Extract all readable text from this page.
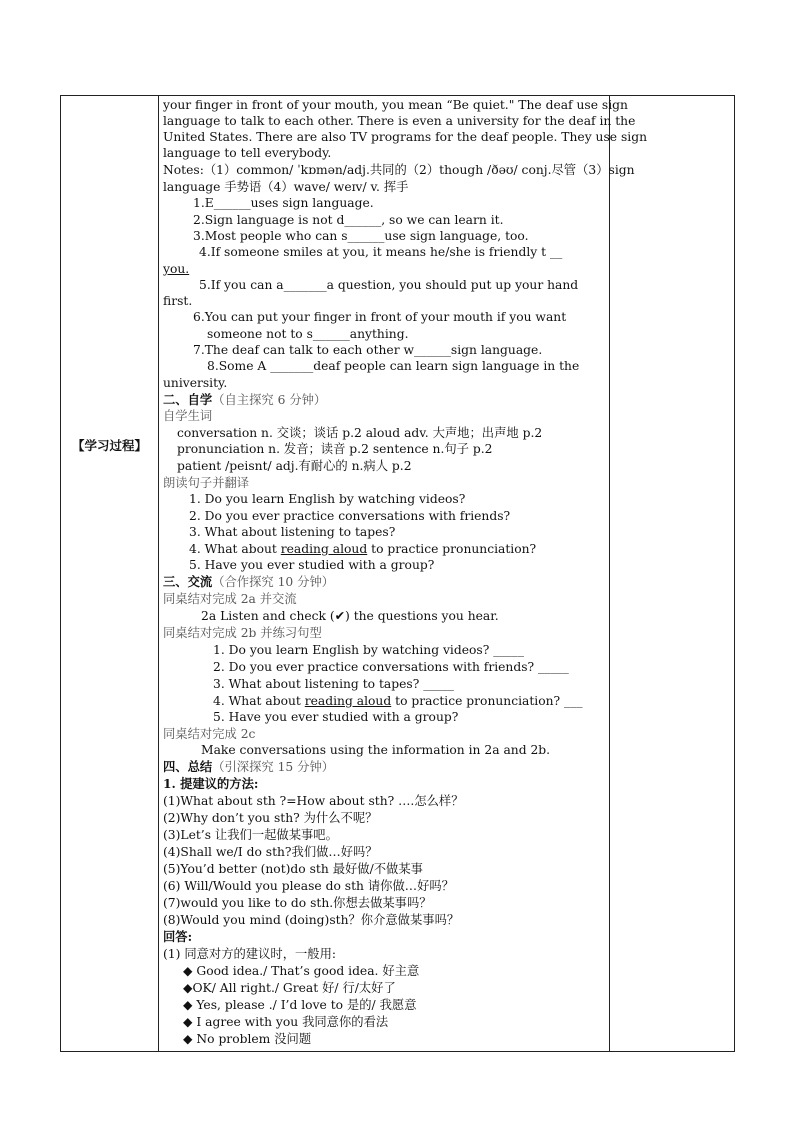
【学习过程】
your finger in front of your mouth, you mean “Be quiet." The deaf use sign
language to talk to each other. There is even a university for the deaf in the
United States. There are also TV programs for the deaf people. They use sign
language to tell everybody.
Notes:（1）common/ ˈkɒmən/adj.共同的（2）though /ðəʊ/ conj.尽管（3）sign
language 手势语（4）wave/ weɪv/ v. 挥手
1.E______uses sign language.
2.Sign language is not d______, so we can learn it.
3.Most people who can s______use sign language, too.
4.If someone smiles at you, it means he/she is friendly t __
you.
5.If you can a_______a question, you should put up your hand
first.
6.You can put your finger in front of your mouth if you want
someone not to s______anything.
7.The deaf can talk to each other w______sign language.
8.Some A _______deaf people can learn sign language in the
university.
二、自学（自主探究 6 分钟）
自学生词
conversation n. 交谈；谈话 p.2 aloud adv. 大声地；出声地 p.2
pronunciation n. 发音；读音 p.2 sentence n.句子 p.2
patient /peisnt/ adj.有耐心的 n.病人 p.2
朗读句子并翻译
1. Do you learn English by watching videos?
2. Do you ever practice conversations with friends?
3. What about listening to tapes?
4. What about reading aloud to practice pronunciation?
5. Have you ever studied with a group?
三、交流（合作探究 10 分钟）
同桌结对完成 2a 并交流
2a Listen and check (✔) the questions you hear.
同桌结对完成 2b 并练习句型
1. Do you learn English by watching videos? _____
2. Do you ever practice conversations with friends? _____
3. What about listening to tapes? _____
4. What about reading aloud to practice pronunciation? ___
5. Have you ever studied with a group?
同桌结对完成 2c
Make conversations using the information in 2a and 2b.
四、总结（引深探究 15 分钟）
1. 提建议的方法:
(1)What about sth ?=How about sth? ….怎么样？
(2)Why don’t you sth? 为什么不呢？
(3)Let’s 让我们一起做某事吧。
(4)Shall we/I do sth?我们做…好吗？
(5)You’d better (not)do sth 最好做/不做某事
(6) Will/Would you please do sth 请你做…好吗？
(7)would you like to do sth.你想去做某事吗？
(8)Would you mind (doing)sth？你介意做某事吗？
回答:
(1) 同意对方的建议时，一般用:
◆ Good idea./ That’s good idea. 好主意
◆OK/ All right./ Great 好/ 行/太好了
◆ Yes, please ./ I’d love to 是的/ 我愿意
◆ I agree with you 我同意你的看法
◆ No problem 没问题
